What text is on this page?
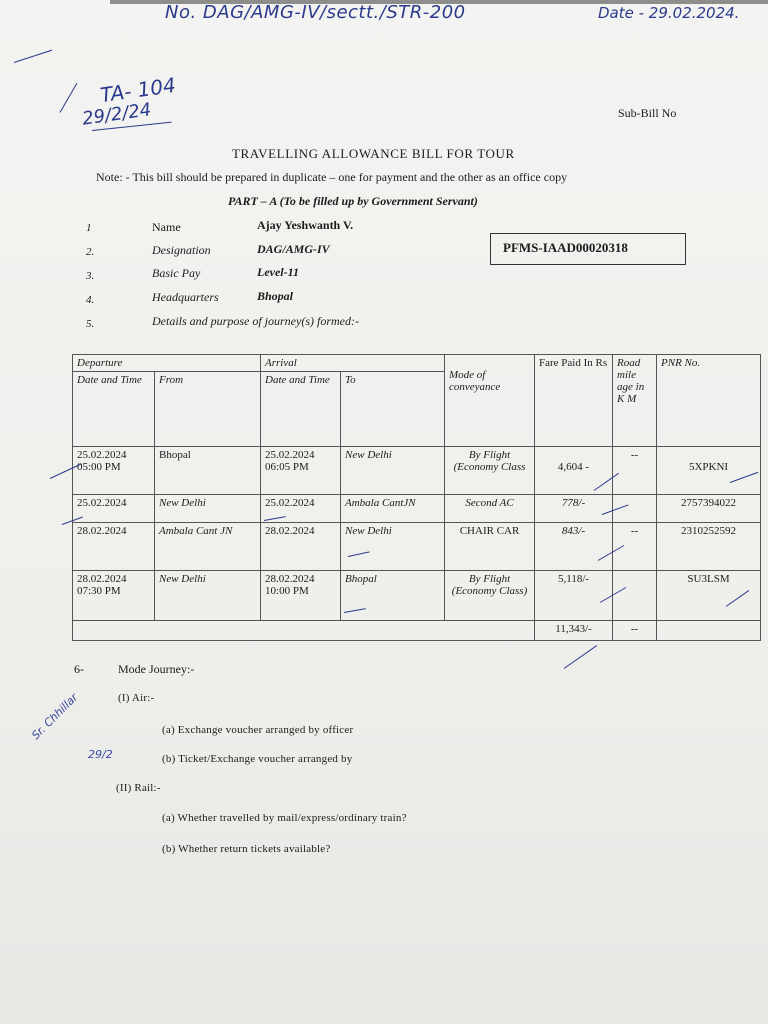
No. DAG/AMG-IV/sectt./STR-200	Date - 29.02.2024.
TA- 104
29/2/24
Sr. Chhillar
29/2
Sub-Bill No
TRAVELLING ALLOWANCE BILL FOR TOUR
Note: - This bill should be prepared in duplicate – one for payment and the other as an office copy
PART – A (To be filled up by Government Servant)
1	Name	Ajay Yeshwanth V.
2.	Designation	DAG/AMG-IV
3.	Basic Pay	Level-11
4.	Headquarters	Bhopal
5.	Details and purpose of journey(s) formed:-
PFMS-IAAD00020318
Departure		Arrival		Mode of conveyance	Fare Paid In Rs	Road mile age in K M	PNR No.
Date and Time	From	Date and Time	To				
25.02.2024 05:00 PM	Bhopal	25.02.2024 06:05 PM	New Delhi	By Flight (Economy Class	4,604 -	--	5XPKNI
25.02.2024	New Delhi	25.02.2024	Ambala CantJN	Second AC	778/-		2757394022
28.02.2024	Ambala Cant JN	28.02.2024	New Delhi	CHAIR CAR	843/-	--	2310252592
28.02.2024 07:30 PM	New Delhi	28.02.2024 10:00 PM	Bhopal	By Flight (Economy Class)	5,118/-		SU3LSM
					11,343/-	--	
6-	Mode Journey:-
(I) Air:-
(a) Exchange voucher arranged by officer
(b) Ticket/Exchange voucher arranged by
(II) Rail:-
(a) Whether travelled by mail/express/ordinary train?
(b) Whether return tickets available?
